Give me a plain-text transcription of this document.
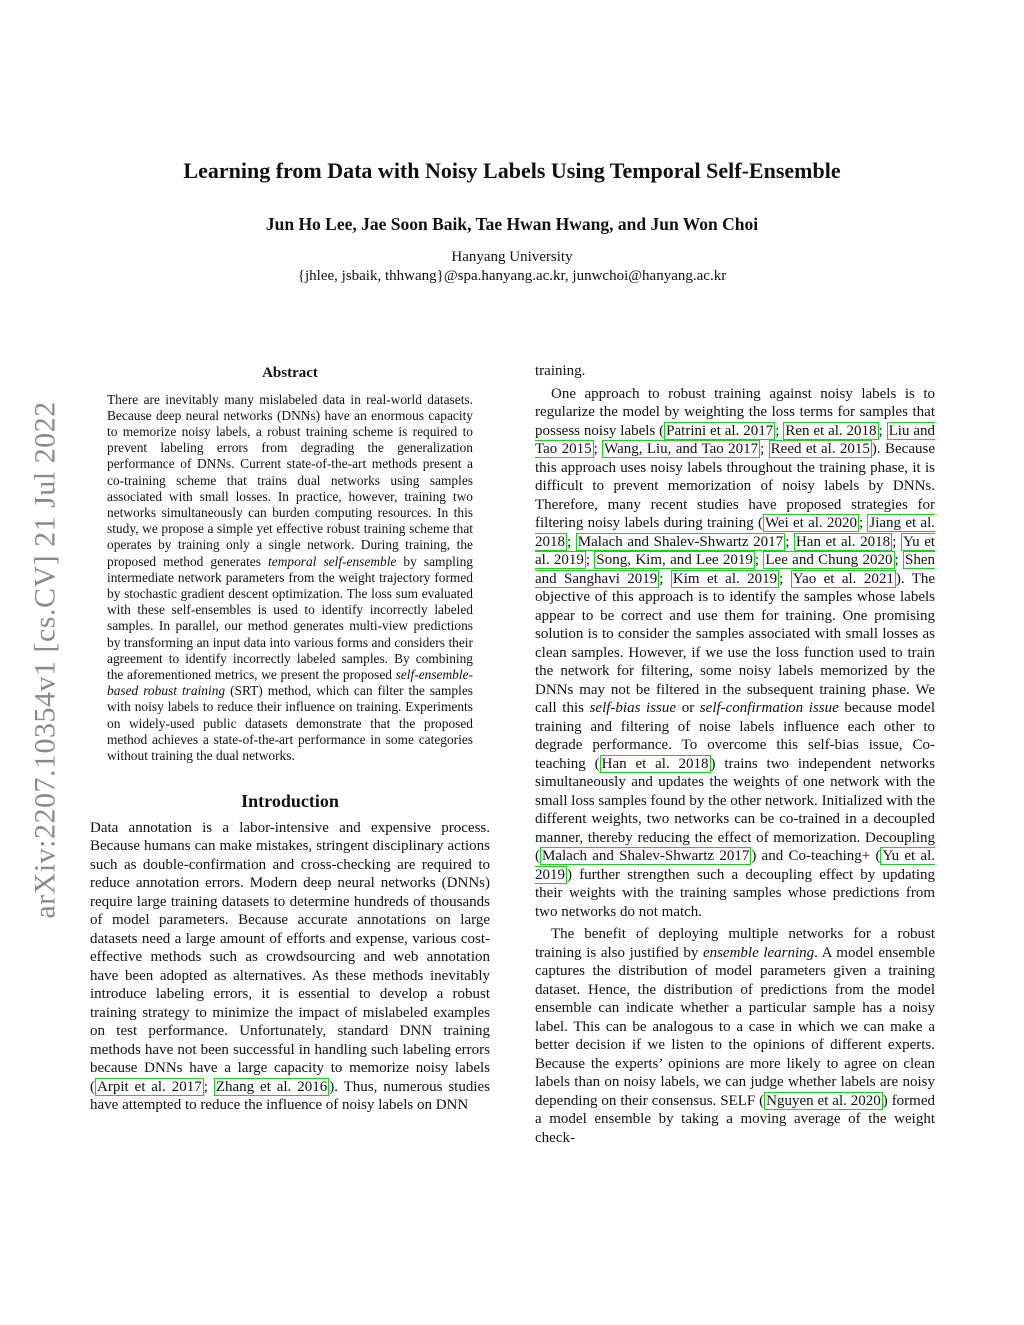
arXiv:2207.10354v1 [cs.CV] 21 Jul 2022
Learning from Data with Noisy Labels Using Temporal Self-Ensemble
Jun Ho Lee, Jae Soon Baik, Tae Hwan Hwang, and Jun Won Choi
Hanyang University
{jhlee, jsbaik, thhwang}@spa.hanyang.ac.kr, junwchoi@hanyang.ac.kr
Abstract

There are inevitably many mislabeled data in real-world datasets. Because deep neural networks (DNNs) have an enormous capacity to memorize noisy labels, a robust training scheme is required to prevent labeling errors from degrading the generalization performance of DNNs. Current state-of-the-art methods present a co-training scheme that trains dual networks using samples associated with small losses. In practice, however, training two networks simultaneously can burden computing resources. In this study, we propose a simple yet effective robust training scheme that operates by training only a single network. During training, the proposed method generates temporal self-ensemble by sampling intermediate network parameters from the weight trajectory formed by stochastic gradient descent optimization. The loss sum evaluated with these self-ensembles is used to identify incorrectly labeled samples. In parallel, our method generates multi-view predictions by transforming an input data into various forms and considers their agreement to identify incorrectly labeled samples. By combining the aforementioned metrics, we present the proposed self-ensemble-based robust training (SRT) method, which can filter the samples with noisy labels to reduce their influence on training. Experiments on widely-used public datasets demonstrate that the proposed method achieves a state-of-the-art performance in some categories without training the dual networks.

Introduction

Data annotation is a labor-intensive and expensive process. Because humans can make mistakes, stringent disciplinary actions such as double-confirmation and cross-checking are required to reduce annotation errors. Modern deep neural networks (DNNs) require large training datasets to determine hundreds of thousands of model parameters. Because accurate annotations on large datasets need a large amount of efforts and expense, various cost-effective methods such as crowdsourcing and web annotation have been adopted as alternatives. As these methods inevitably introduce labeling errors, it is essential to develop a robust training strategy to minimize the impact of mislabeled examples on test performance. Unfortunately, standard DNN training methods have not been successful in handling such labeling errors because DNNs have a large capacity to memorize noisy labels ( Arpit et al. 2017 ; Zhang et al. 2016 ). Thus, numerous studies have attempted to reduce the influence of noisy labels on DNN

training.

One approach to robust training against noisy labels is to regularize the model by weighting the loss terms for samples that possess noisy labels ( Patrini et al. 2017 ; Ren et al. 2018 ; Liu and Tao 2015 ; Wang, Liu, and Tao 2017 ; Reed et al. 2015 ). Because this approach uses noisy labels throughout the training phase, it is difficult to prevent memorization of noisy labels by DNNs. Therefore, many recent studies have proposed strategies for filtering noisy labels during training ( Wei et al. 2020 ; Jiang et al. 2018 ; Malach and Shalev-Shwartz 2017 ; Han et al. 2018 ; Yu et al. 2019 ; Song, Kim, and Lee 2019 ; Lee and Chung 2020 ; Shen and Sanghavi 2019 ; Kim et al. 2019 ; Yao et al. 2021 ). The objective of this approach is to identify the samples whose labels appear to be correct and use them for training. One promising solution is to consider the samples associated with small losses as clean samples. However, if we use the loss function used to train the network for filtering, some noisy labels memorized by the DNNs may not be filtered in the subsequent training phase. We call this self-bias issue or self-confirmation issue because model training and filtering of noise labels influence each other to degrade performance. To overcome this self-bias issue, Co-teaching ( Han et al. 2018 ) trains two independent networks simultaneously and updates the weights of one network with the small loss samples found by the other network. Initialized with the different weights, two networks can be co-trained in a decoupled manner, thereby reducing the effect of memorization. Decoupling ( Malach and Shalev-Shwartz 2017 ) and Co-teaching+ ( Yu et al. 2019 ) further strengthen such a decoupling effect by updating their weights with the training samples whose predictions from two networks do not match.

The benefit of deploying multiple networks for a robust training is also justified by ensemble learning. A model ensemble captures the distribution of model parameters given a training dataset. Hence, the distribution of predictions from the model ensemble can indicate whether a particular sample has a noisy label. This can be analogous to a case in which we can make a better decision if we listen to the opinions of different experts. Because the experts’ opinions are more likely to agree on clean labels than on noisy labels, we can judge whether labels are noisy depending on their consensus. SELF ( Nguyen et al. 2020 ) formed a model ensemble by taking a moving average of the weight check-
